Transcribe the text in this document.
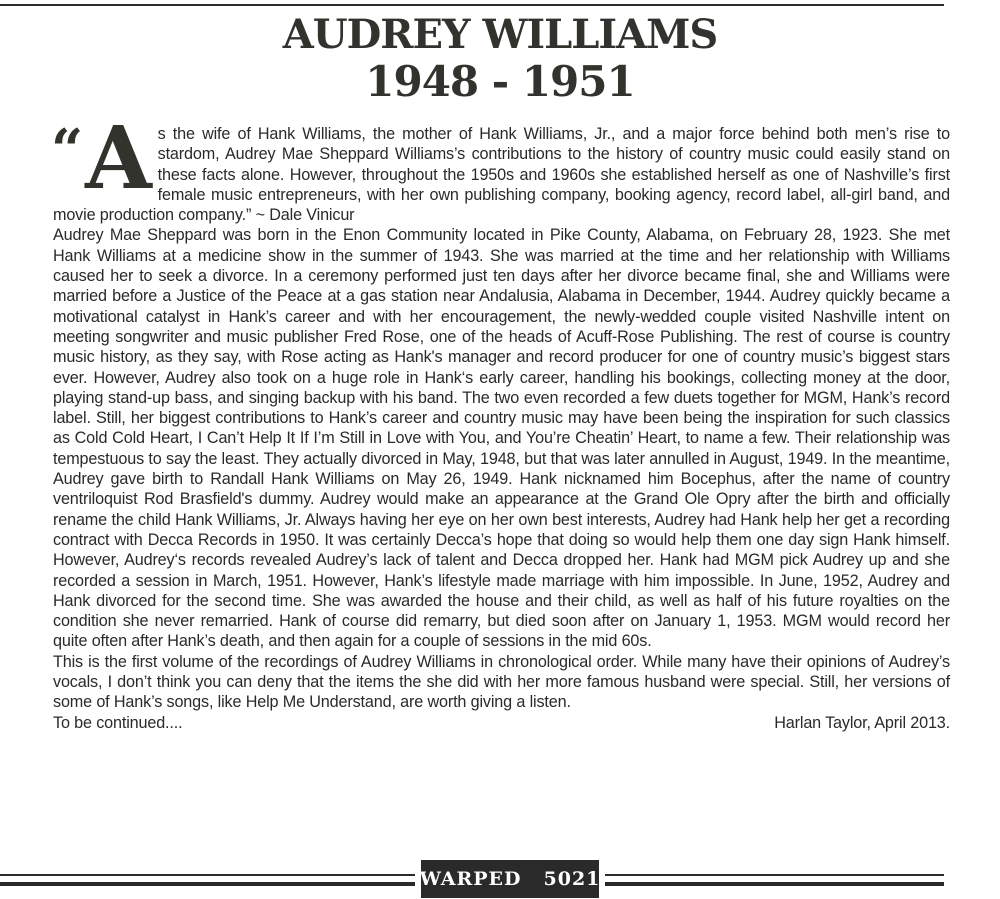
AUDREY WILLIAMS
1948 - 1951

“ A s the wife of Hank Williams, the mother of Hank Williams, Jr., and a major force behind both men’s rise to stardom, Audrey Mae Sheppard Williams’s contributions to the history of country music could easily stand on these facts alone. However, throughout the 1950s and 1960s she established herself as one of Nashville’s first female music entrepreneurs, with her own publishing company, booking agency, record label, all-girl band, and movie production company.” ~ Dale Vinicur

Audrey Mae Sheppard was born in the Enon Community located in Pike County, Alabama, on February 28, 1923. She met Hank Williams at a medicine show in the summer of 1943. She was married at the time and her relationship with Williams caused her to seek a divorce. In a ceremony performed just ten days after her divorce became final, she and Williams were married before a Justice of the Peace at a gas station near Andalusia, Alabama in December, 1944. Audrey quickly became a motivational catalyst in Hank’s career and with her encouragement, the newly-wedded couple visited Nashville intent on meeting songwriter and music publisher Fred Rose, one of the heads of Acuff-Rose Publishing. The rest of course is country music history, as they say, with Rose acting as Hank's manager and record producer for one of country music’s biggest stars ever. However, Audrey also took on a huge role in Hank‘s early career, handling his bookings, collecting money at the door, playing stand-up bass, and singing backup with his band. The two even recorded a few duets together for MGM, Hank’s record label. Still, her biggest contributions to Hank’s career and country music may have been being the inspiration for such classics as Cold Cold Heart, I Can’t Help It If I’m Still in Love with You, and You’re Cheatin’ Heart, to name a few. Their relationship was tempestuous to say the least. They actually divorced in May, 1948, but that was later annulled in August, 1949. In the meantime, Audrey gave birth to Randall Hank Williams on May 26, 1949. Hank nicknamed him Bocephus, after the name of country ventriloquist Rod Brasfield's dummy. Audrey would make an appearance at the Grand Ole Opry after the birth and officially rename the child Hank Williams, Jr. Always having her eye on her own best interests, Audrey had Hank help her get a recording contract with Decca Records in 1950. It was certainly Decca’s hope that doing so would help them one day sign Hank himself. However, Audrey‘s records revealed Audrey’s lack of talent and Decca dropped her. Hank had MGM pick Audrey up and she recorded a session in March, 1951. However, Hank’s lifestyle made marriage with him impossible. In June, 1952, Audrey and Hank divorced for the second time. She was awarded the house and their child, as well as half of his future royalties on the condition she never remarried. Hank of course did remarry, but died soon after on January 1, 1953. MGM would record her quite often after Hank’s death, and then again for a couple of sessions in the mid 60s.

This is the first volume of the recordings of Audrey Williams in chronological order. While many have their opinions of Audrey’s vocals, I don’t think you can deny that the items the she did with her more famous husband were special. Still, her versions of some of Hank’s songs, like Help Me Understand, are worth giving a listen.

To be continued....	Harlan Taylor, April 2013.
WARPED 5021
